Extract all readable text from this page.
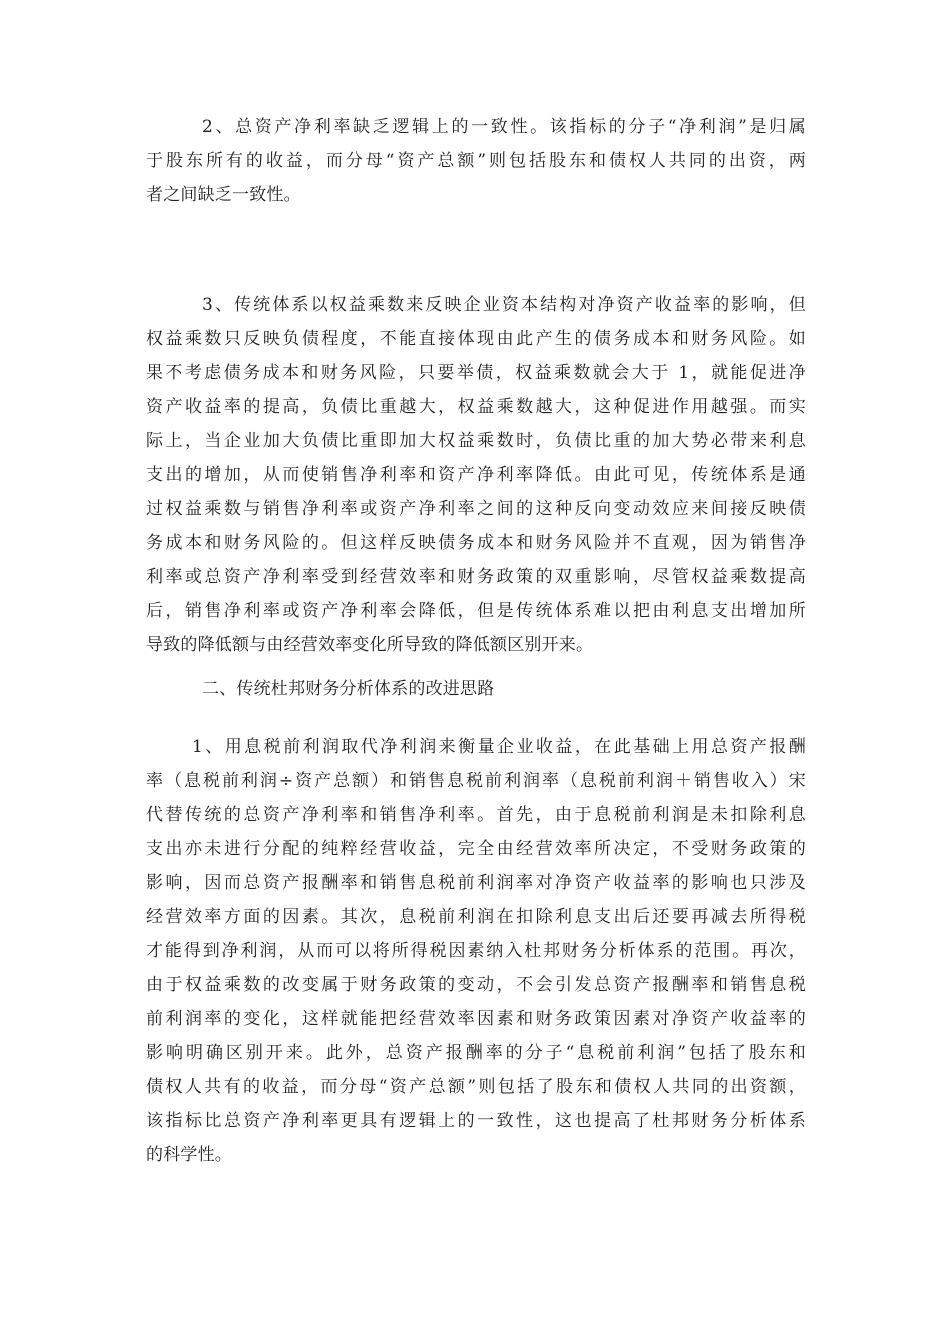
2、总资产净利率缺乏逻辑上的一致性。该指标的分子“净利润”是归属
于股东所有的收益，而分母“资产总额”则包括股东和债权人共同的出资，两
者之间缺乏一致性。
3、传统体系以权益乘数来反映企业资本结构对净资产收益率的影响，但
权益乘数只反映负债程度，不能直接体现由此产生的债务成本和财务风险。如
果不考虑债务成本和财务风险，只要举债，权益乘数就会大于 1，就能促进净
资产收益率的提高，负债比重越大，权益乘数越大，这种促进作用越强。而实
际上，当企业加大负债比重即加大权益乘数时，负债比重的加大势必带来利息
支出的增加，从而使销售净利率和资产净利率降低。由此可见，传统体系是通
过权益乘数与销售净利率或资产净利率之间的这种反向变动效应来间接反映债
务成本和财务风险的。但这样反映债务成本和财务风险并不直观，因为销售净
利率或总资产净利率受到经营效率和财务政策的双重影响，尽管权益乘数提高
后，销售净利率或资产净利率会降低，但是传统体系难以把由利息支出增加所
导致的降低额与由经营效率变化所导致的降低额区别开来。
二、传统杜邦财务分析体系的改进思路
1、用息税前利润取代净利润来衡量企业收益，在此基础上用总资产报酬
率（息税前利润÷资产总额）和销售息税前利润率（息税前利润＋销售收入）宋
代替传统的总资产净利率和销售净利率。首先，由于息税前利润是未扣除利息
支出亦未进行分配的纯粹经营收益，完全由经营效率所决定，不受财务政策的
影响，因而总资产报酬率和销售息税前利润率对净资产收益率的影响也只涉及
经营效率方面的因素。其次，息税前利润在扣除利息支出后还要再减去所得税
才能得到净利润，从而可以将所得税因素纳入杜邦财务分析体系的范围。再次，
由于权益乘数的改变属于财务政策的变动，不会引发总资产报酬率和销售息税
前利润率的变化，这样就能把经营效率因素和财务政策因素对净资产收益率的
影响明确区别开来。此外，总资产报酬率的分子“息税前利润”包括了股东和
债权人共有的收益，而分母“资产总额”则包括了股东和债权人共同的出资额，
该指标比总资产净利率更具有逻辑上的一致性，这也提高了杜邦财务分析体系
的科学性。
